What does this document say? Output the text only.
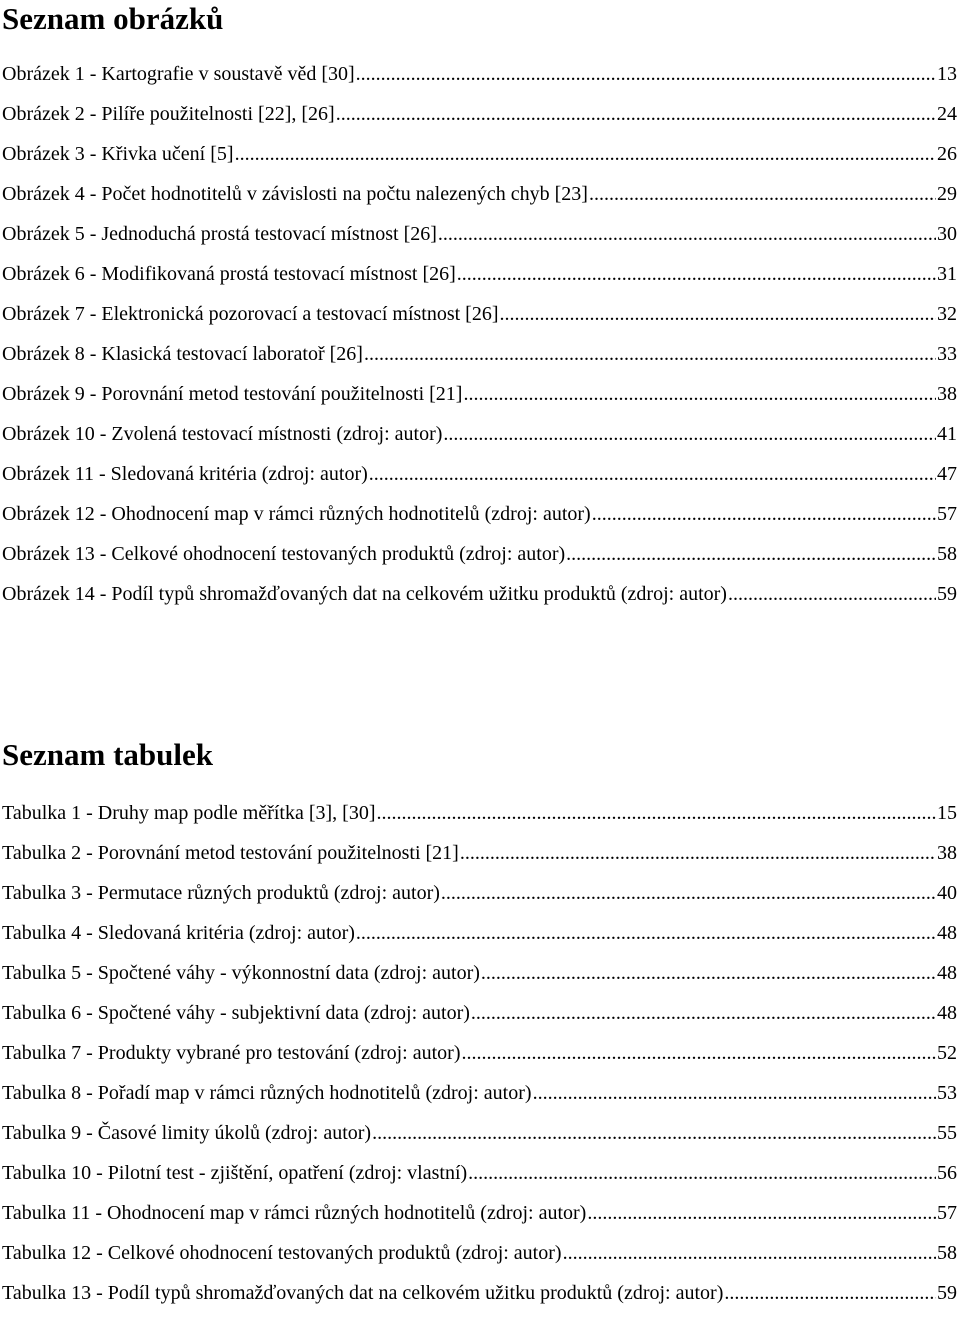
Seznam obrázků
Obrázek 1 - Kartografie v soustavě věd [30] .....	13
Obrázek 2 - Pilíře použitelnosti [22], [26] .....	24
Obrázek 3 - Křivka učení [5] .....	26
Obrázek 4 - Počet hodnotitelů v závislosti na počtu nalezených chyb [23] .....	29
Obrázek 5 - Jednoduchá prostá testovací místnost [26] .....	30
Obrázek 6 - Modifikovaná prostá testovací místnost [26] .....	31
Obrázek 7 - Elektronická pozorovací a testovací místnost [26] .....	32
Obrázek 8 - Klasická testovací laboratoř [26] .....	33
Obrázek 9 - Porovnání metod testování použitelnosti [21] .....	38
Obrázek 10 - Zvolená testovací místnosti (zdroj: autor) .....	41
Obrázek 11 - Sledovaná kritéria (zdroj: autor) .....	47
Obrázek 12 - Ohodnocení map v rámci různých hodnotitelů (zdroj: autor) .....	57
Obrázek 13 - Celkové ohodnocení testovaných produktů (zdroj: autor) .....	58
Obrázek 14 - Podíl typů shromažďovaných dat na celkovém užitku produktů (zdroj: autor) .....	59
Seznam tabulek
Tabulka 1 - Druhy map podle měřítka [3], [30] .....	15
Tabulka 2 - Porovnání metod testování použitelnosti [21] .....	38
Tabulka 3 - Permutace různých produktů (zdroj: autor) .....	40
Tabulka 4 - Sledovaná kritéria (zdroj: autor) .....	48
Tabulka 5 - Spočtené váhy - výkonnostní data (zdroj: autor) .....	48
Tabulka 6 - Spočtené váhy - subjektivní data (zdroj: autor) .....	48
Tabulka 7 - Produkty vybrané pro testování (zdroj: autor) .....	52
Tabulka 8 - Pořadí map v rámci různých hodnotitelů (zdroj: autor) .....	53
Tabulka 9 - Časové limity úkolů (zdroj: autor) .....	55
Tabulka 10 - Pilotní test - zjištění, opatření (zdroj: vlastní) .....	56
Tabulka 11 - Ohodnocení map v rámci různých hodnotitelů (zdroj: autor) .....	57
Tabulka 12 - Celkové ohodnocení testovaných produktů (zdroj: autor) .....	58
Tabulka 13 - Podíl typů shromažďovaných dat na celkovém užitku produktů (zdroj: autor) .....	59
